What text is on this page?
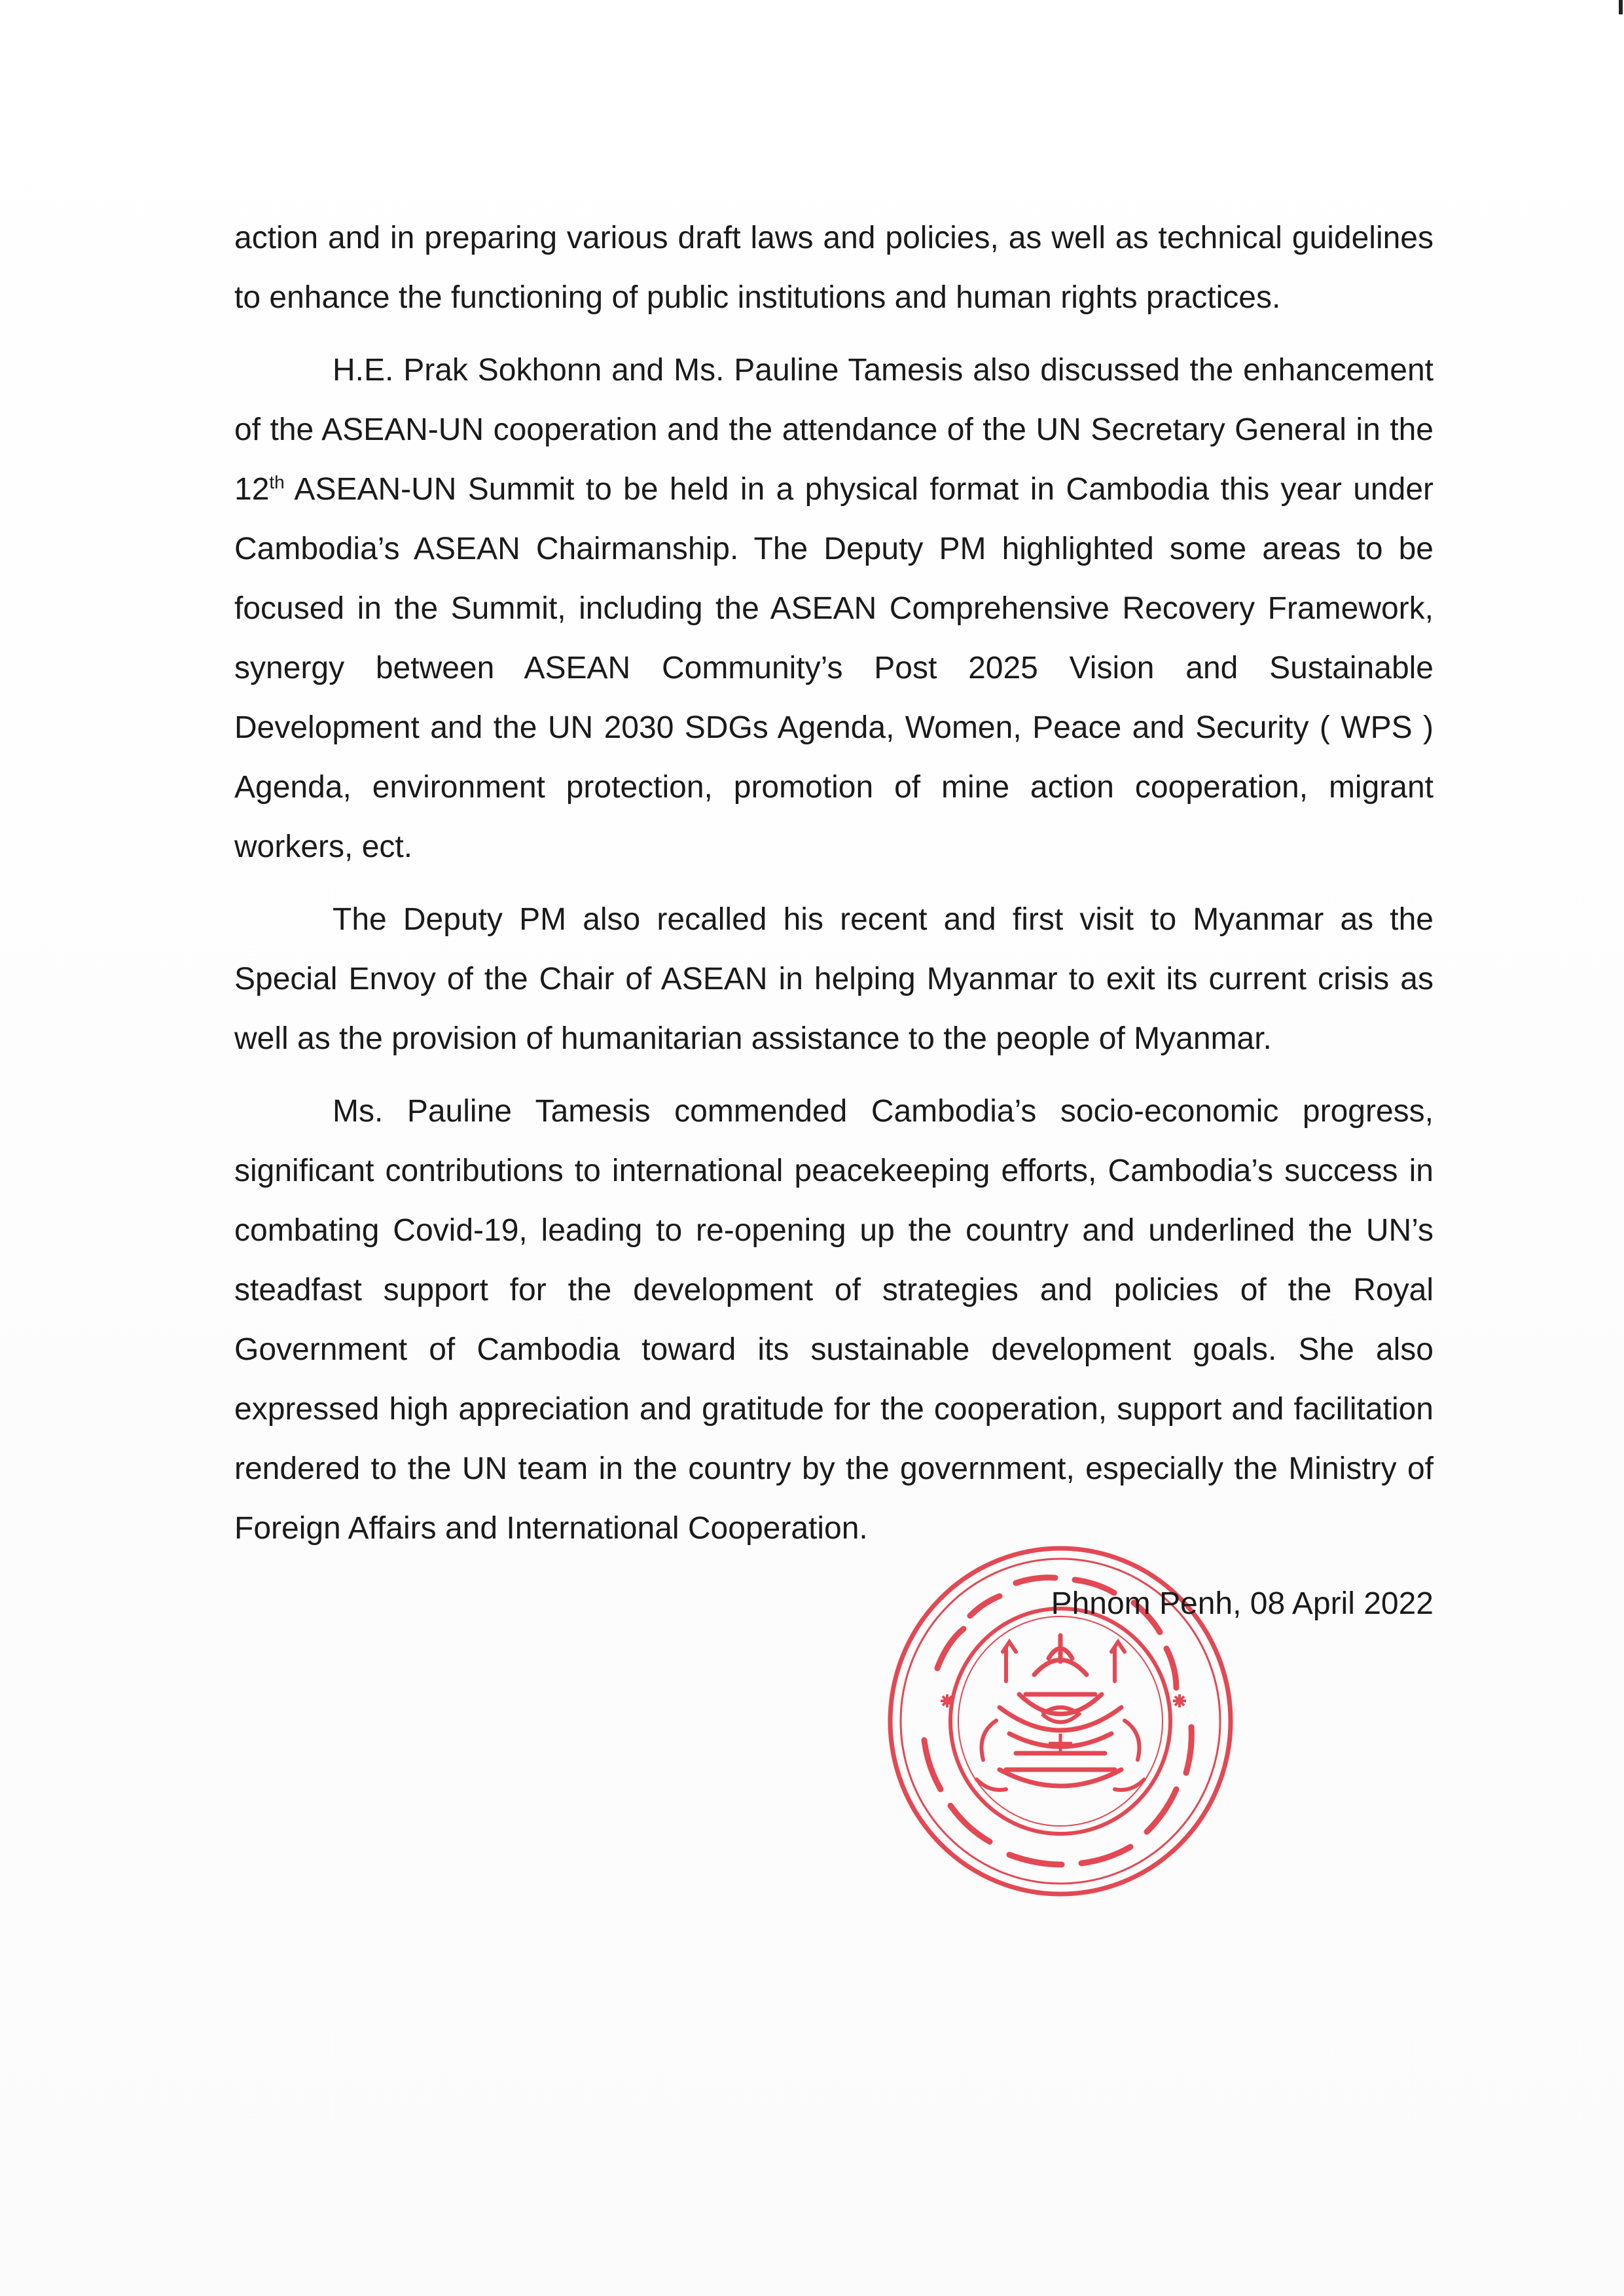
action and in preparing various draft laws and policies, as well as technical guidelines to enhance the functioning of public institutions and human rights practices.

H.E. Prak Sokhonn and Ms. Pauline Tamesis also discussed the enhancement of the ASEAN-UN cooperation and the attendance of the UN Secretary General in the 12th ASEAN-UN Summit to be held in a physical format in Cambodia this year under Cambodia’s ASEAN Chairmanship. The Deputy PM highlighted some areas to be focused in the Summit, including the ASEAN Comprehensive Recovery Framework, synergy between ASEAN Community’s Post 2025 Vision and Sustainable Development and the UN 2030 SDGs Agenda, Women, Peace and Security ( WPS ) Agenda, environment protection, promotion of mine action cooperation, migrant workers, ect.

The Deputy PM also recalled his recent and first visit to Myanmar as the Special Envoy of the Chair of ASEAN in helping Myanmar to exit its current crisis as well as the provision of humanitarian assistance to the people of Myanmar.

Ms. Pauline Tamesis commended Cambodia’s socio-economic progress, significant contributions to international peacekeeping efforts, Cambodia’s success in combating Covid-19, leading to re-opening up the country and underlined the UN’s steadfast support for the development of strategies and policies of the Royal Government of Cambodia toward its sustainable development goals. She also expressed high appreciation and gratitude for the cooperation, support and facilitation rendered to the UN team in the country by the government, especially the Ministry of Foreign Affairs and International Cooperation.

Phnom Penh, 08 April 2022
